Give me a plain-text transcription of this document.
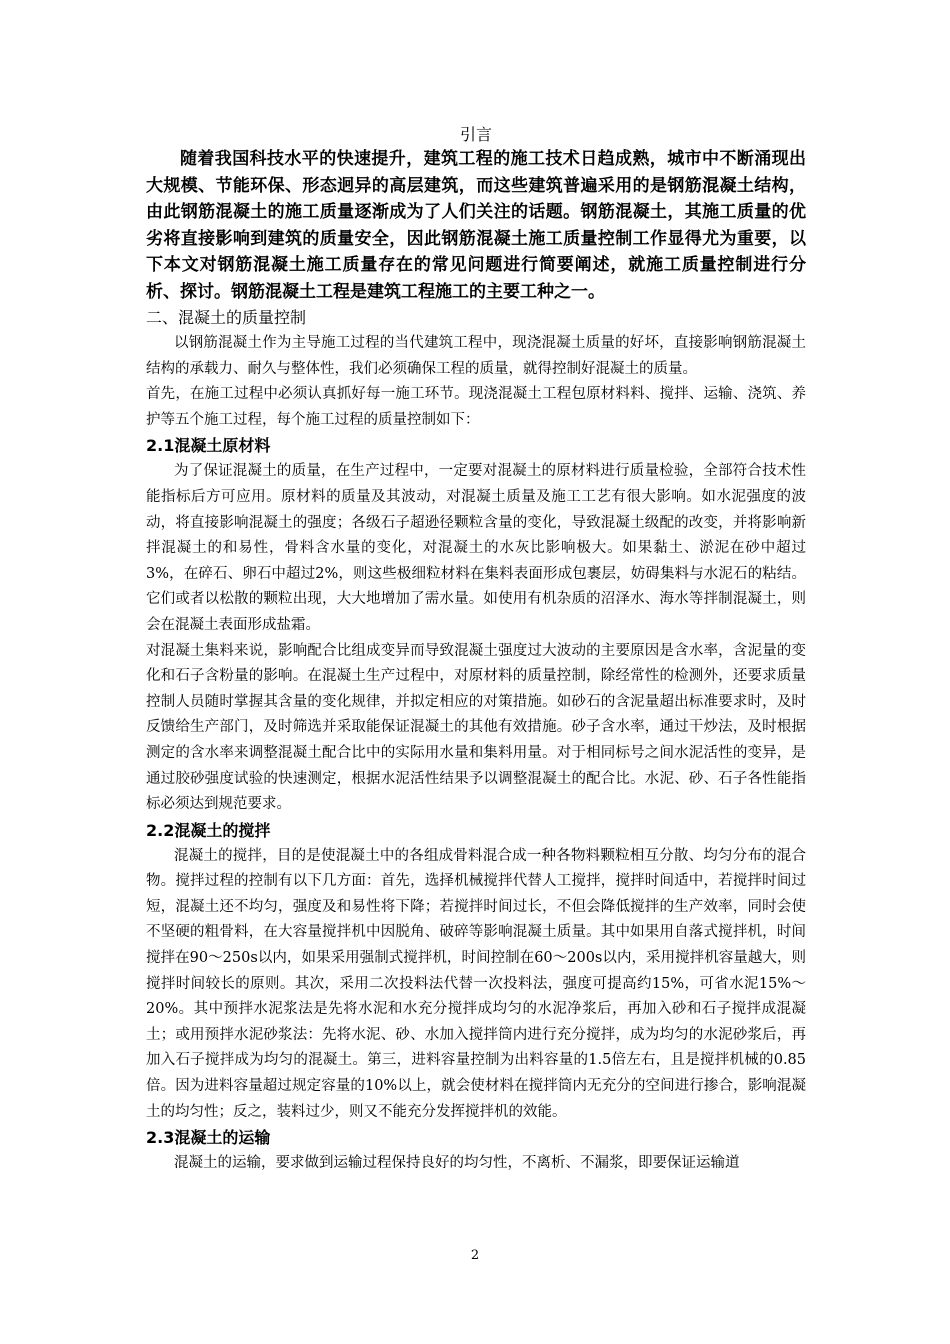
引言

随着我国科技水平的快速提升，建筑工程的施工技术日趋成熟，城市中不断涌现出大规模、节能环保、形态迥异的高层建筑，而这些建筑普遍采用的是钢筋混凝土结构，由此钢筋混凝土的施工质量逐渐成为了人们关注的话题。钢筋混凝土，其施工质量的优劣将直接影响到建筑的质量安全，因此钢筋混凝土施工质量控制工作显得尤为重要，以下本文对钢筋混凝土施工质量存在的常见问题进行简要阐述，就施工质量控制进行分析、探讨。钢筋混凝土工程是建筑工程施工的主要工种之一。

二、混凝土的质量控制

以钢筋混凝土作为主导施工过程的当代建筑工程中，现浇混凝土质量的好坏，直接影响钢筋混凝土结构的承载力、耐久与整体性，我们必须确保工程的质量，就得控制好混凝土的质量。

首先，在施工过程中必须认真抓好每一施工环节。现浇混凝土工程包原材料料、搅拌、运输、浇筑、养护等五个施工过程，每个施工过程的质量控制如下：

2.1混凝土原材料

为了保证混凝土的质量，在生产过程中，一定要对混凝土的原材料进行质量检验，全部符合技术性能指标后方可应用。原材料的质量及其波动，对混凝土质量及施工工艺有很大影响。如水泥强度的波动，将直接影响混凝土的强度；各级石子超逊径颗粒含量的变化，导致混凝土级配的改变，并将影响新拌混凝土的和易性，骨料含水量的变化，对混凝土的水灰比影响极大。如果黏土、淤泥在砂中超过3%，在碎石、卵石中超过2%，则这些极细粒材料在集料表面形成包裹层，妨碍集料与水泥石的粘结。它们或者以松散的颗粒出现，大大地增加了需水量。如使用有机杂质的沼泽水、海水等拌制混凝土，则会在混凝土表面形成盐霜。

对混凝土集料来说，影响配合比组成变异而导致混凝土强度过大波动的主要原因是含水率，含泥量的变化和石子含粉量的影响。在混凝土生产过程中，对原材料的质量控制，除经常性的检测外，还要求质量控制人员随时掌握其含量的变化规律，并拟定相应的对策措施。如砂石的含泥量超出标准要求时，及时反馈给生产部门，及时筛选并采取能保证混凝土的其他有效措施。砂子含水率，通过干炒法，及时根据测定的含水率来调整混凝土配合比中的实际用水量和集料用量。对于相同标号之间水泥活性的变异，是通过胶砂强度试验的快速测定，根据水泥活性结果予以调整混凝土的配合比。水泥、砂、石子各性能指标必须达到规范要求。

2.2混凝土的搅拌

混凝土的搅拌，目的是使混凝土中的各组成骨料混合成一种各物料颗粒相互分散、均匀分布的混合物。搅拌过程的控制有以下几方面：首先，选择机械搅拌代替人工搅拌，搅拌时间适中，若搅拌时间过短，混凝土还不均匀，强度及和易性将下降；若搅拌时间过长，不但会降低搅拌的生产效率，同时会使不坚硬的粗骨料，在大容量搅拌机中因脱角、破碎等影响混凝土质量。其中如果用自落式搅拌机，时间搅拌在90～250s以内，如果采用强制式搅拌机，时间控制在60～200s以内，采用搅拌机容量越大，则搅拌时间较长的原则。其次，采用二次投料法代替一次投料法，强度可提高约15%，可省水泥15%～20%。其中预拌水泥浆法是先将水泥和水充分搅拌成均匀的水泥净浆后，再加入砂和石子搅拌成混凝土；或用预拌水泥砂浆法：先将水泥、砂、水加入搅拌筒内进行充分搅拌，成为均匀的水泥砂浆后，再加入石子搅拌成为均匀的混凝土。第三，进料容量控制为出料容量的1.5倍左右，且是搅拌机械的0.85倍。因为进料容量超过规定容量的10%以上，就会使材料在搅拌筒内无充分的空间进行掺合，影响混凝土的均匀性；反之，装料过少，则又不能充分发挥搅拌机的效能。

2.3混凝土的运输

混凝土的运输，要求做到运输过程保持良好的均匀性，不离析、不漏浆，即要保证运输道

2
